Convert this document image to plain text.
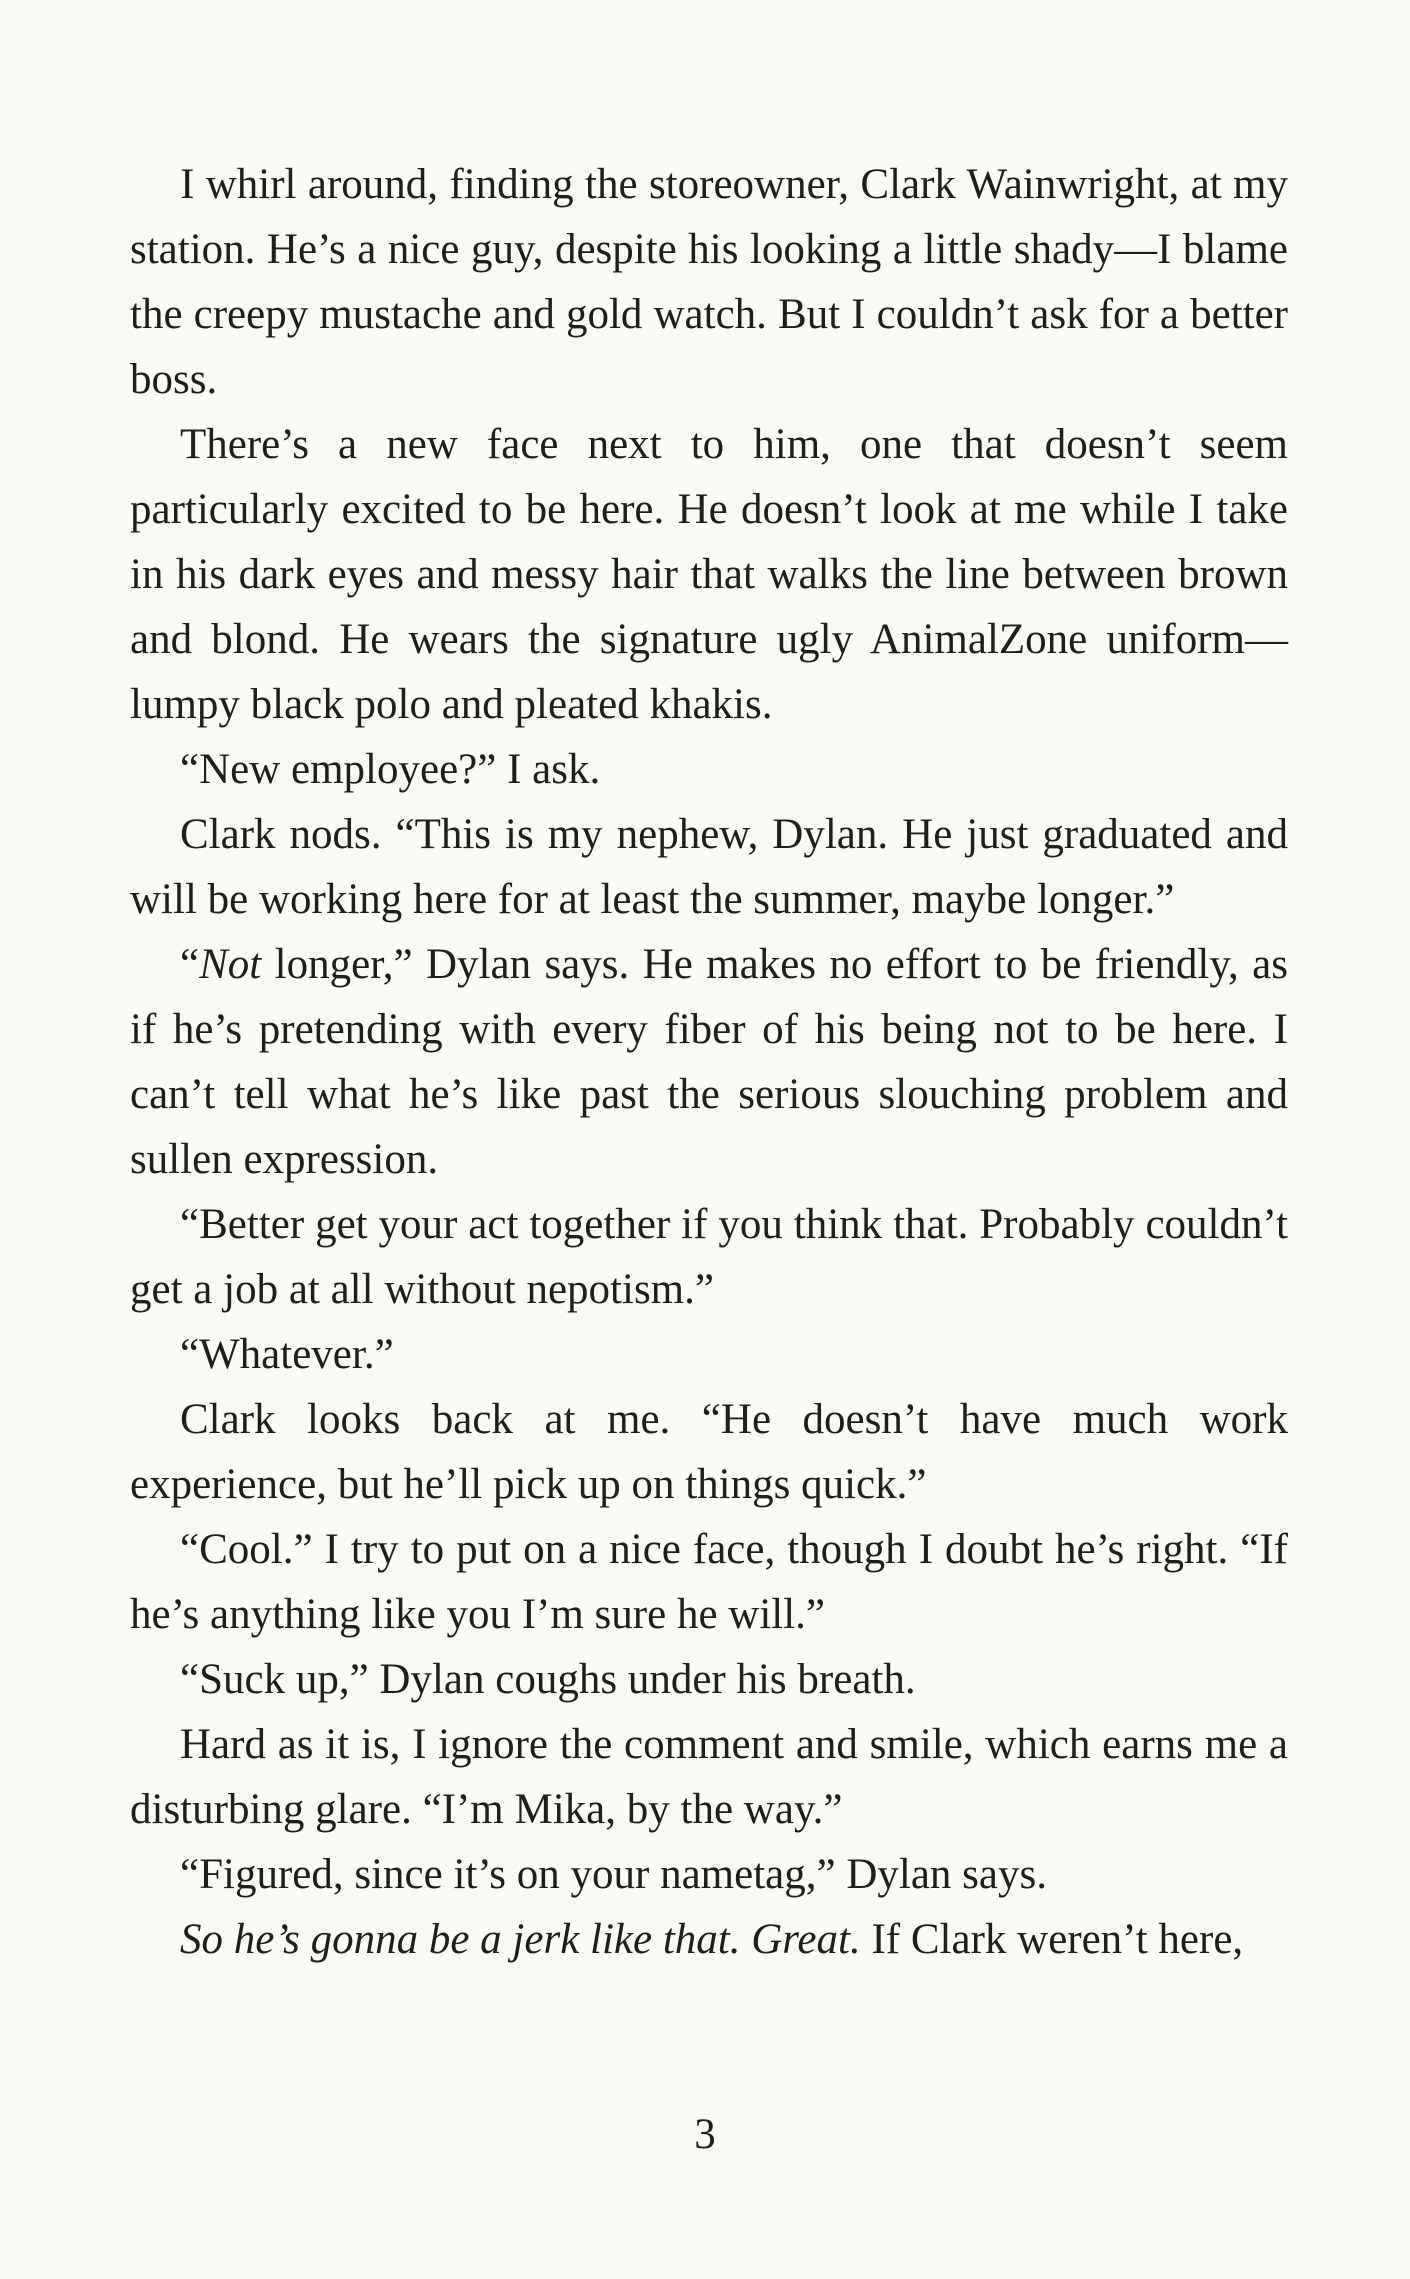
I whirl around, finding the storeowner, Clark Wainwright, at my station. He’s a nice guy, despite his looking a little shady—I blame the creepy mustache and gold watch. But I couldn’t ask for a better boss.

There’s a new face next to him, one that doesn’t seem particularly excited to be here. He doesn’t look at me while I take in his dark eyes and messy hair that walks the line between brown and blond. He wears the signature ugly AnimalZone uniform—lumpy black polo and pleated khakis.

“New employee?” I ask.

Clark nods. “This is my nephew, Dylan. He just graduated and will be working here for at least the summer, maybe longer.”

“Not longer,” Dylan says. He makes no effort to be friendly, as if he’s pretending with every fiber of his being not to be here. I can’t tell what he’s like past the serious slouching problem and sullen expression.

“Better get your act together if you think that. Probably couldn’t get a job at all without nepotism.”

“Whatever.”

Clark looks back at me. “He doesn’t have much work experience, but he’ll pick up on things quick.”

“Cool.” I try to put on a nice face, though I doubt he’s right. “If he’s anything like you I’m sure he will.”

“Suck up,” Dylan coughs under his breath.

Hard as it is, I ignore the comment and smile, which earns me a disturbing glare. “I’m Mika, by the way.”

“Figured, since it’s on your nametag,” Dylan says.

So he’s gonna be a jerk like that. Great. If Clark weren’t here,

3
